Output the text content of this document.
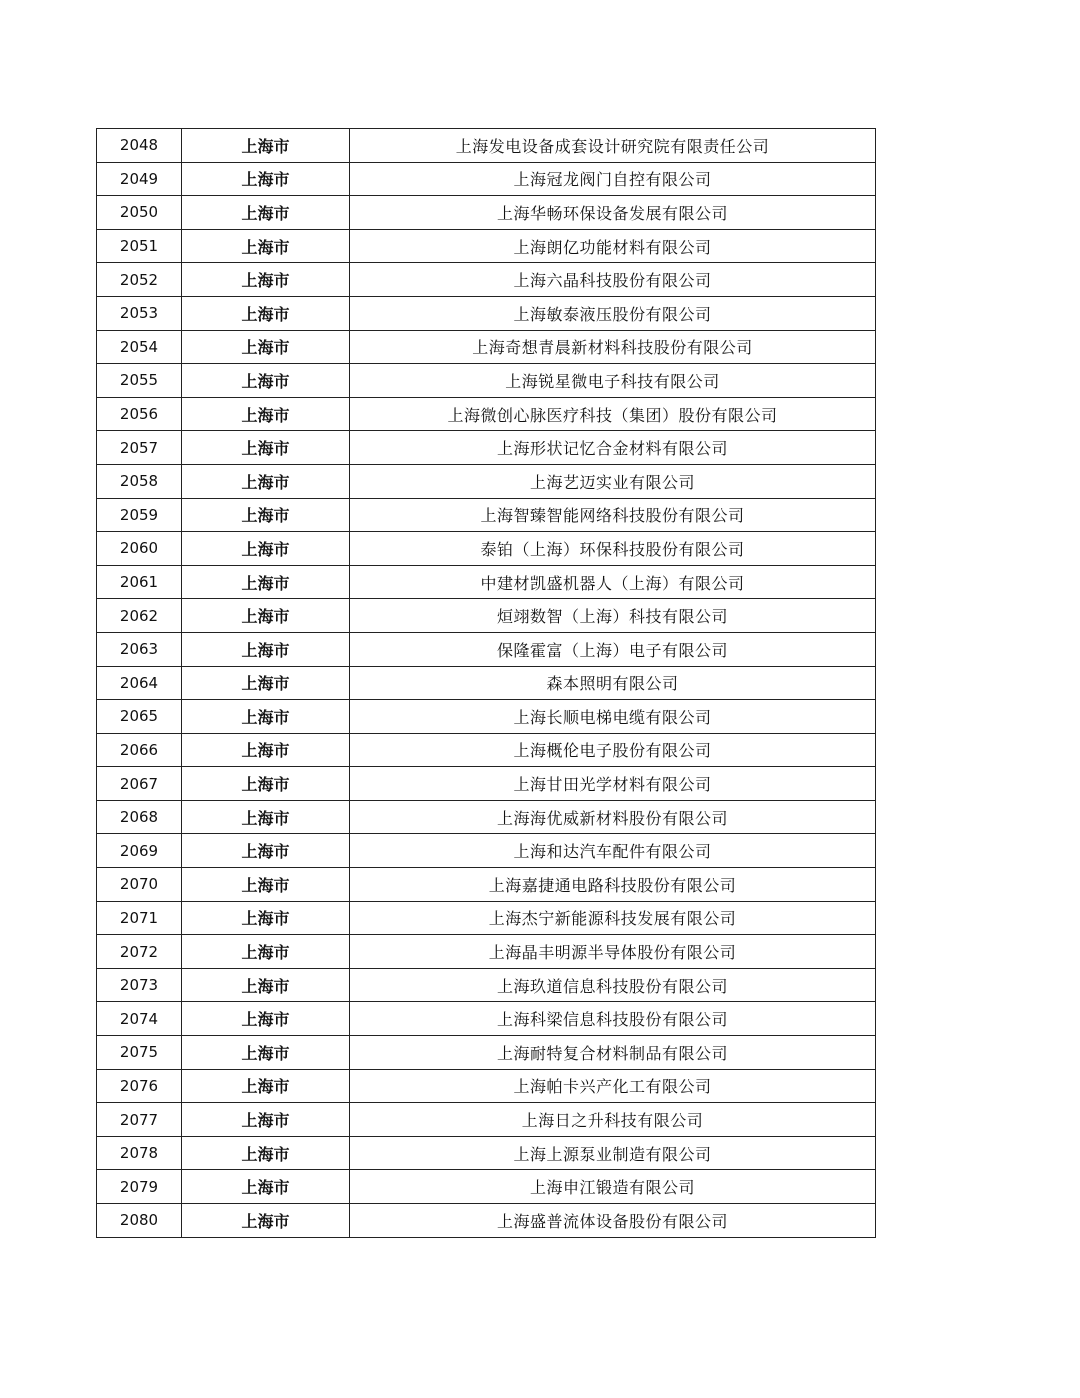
2048	上海市	上海发电设备成套设计研究院有限责任公司
2049	上海市	上海冠龙阀门自控有限公司
2050	上海市	上海华畅环保设备发展有限公司
2051	上海市	上海朗亿功能材料有限公司
2052	上海市	上海六晶科技股份有限公司
2053	上海市	上海敏泰液压股份有限公司
2054	上海市	上海奇想青晨新材料科技股份有限公司
2055	上海市	上海锐星微电子科技有限公司
2056	上海市	上海微创心脉医疗科技（集团）股份有限公司
2057	上海市	上海形状记忆合金材料有限公司
2058	上海市	上海艺迈实业有限公司
2059	上海市	上海智臻智能网络科技股份有限公司
2060	上海市	泰铂（上海）环保科技股份有限公司
2061	上海市	中建材凯盛机器人（上海）有限公司
2062	上海市	烜翊数智（上海）科技有限公司
2063	上海市	保隆霍富（上海）电子有限公司
2064	上海市	森本照明有限公司
2065	上海市	上海长顺电梯电缆有限公司
2066	上海市	上海概伦电子股份有限公司
2067	上海市	上海甘田光学材料有限公司
2068	上海市	上海海优威新材料股份有限公司
2069	上海市	上海和达汽车配件有限公司
2070	上海市	上海嘉捷通电路科技股份有限公司
2071	上海市	上海杰宁新能源科技发展有限公司
2072	上海市	上海晶丰明源半导体股份有限公司
2073	上海市	上海玖道信息科技股份有限公司
2074	上海市	上海科梁信息科技股份有限公司
2075	上海市	上海耐特复合材料制品有限公司
2076	上海市	上海帕卡兴产化工有限公司
2077	上海市	上海日之升科技有限公司
2078	上海市	上海上源泵业制造有限公司
2079	上海市	上海申江锻造有限公司
2080	上海市	上海盛普流体设备股份有限公司
